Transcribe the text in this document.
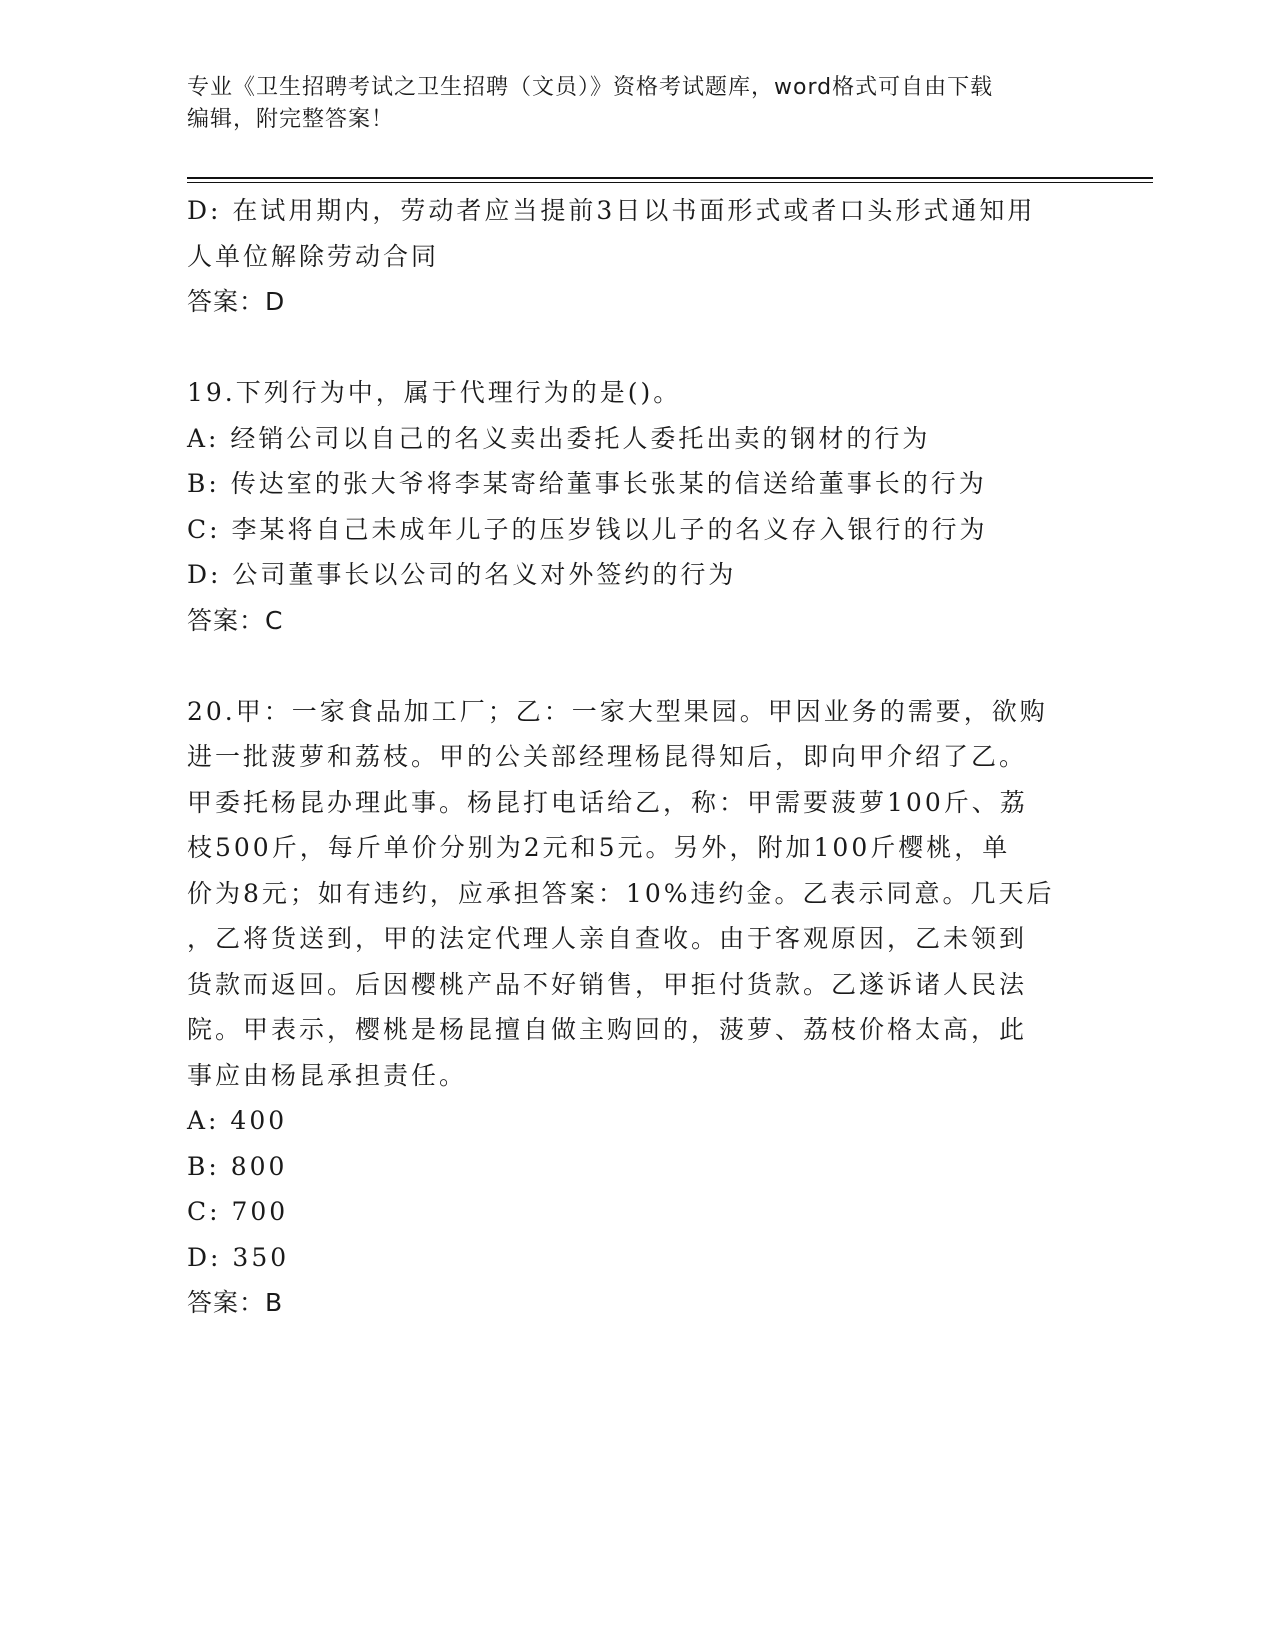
专业《卫生招聘考试之卫生招聘（文员）》资格考试题库，word格式可自由下载
编辑，附完整答案！
D: 在试用期内，劳动者应当提前3日以书面形式或者口头形式通知用
人单位解除劳动合同
答案：D
19.下列行为中，属于代理行为的是()。
A: 经销公司以自己的名义卖出委托人委托出卖的钢材的行为
B: 传达室的张大爷将李某寄给董事长张某的信送给董事长的行为
C: 李某将自己未成年儿子的压岁钱以儿子的名义存入银行的行为
D: 公司董事长以公司的名义对外签约的行为
答案：C
20.甲：一家食品加工厂；乙：一家大型果园。甲因业务的需要，欲购
进一批菠萝和荔枝。甲的公关部经理杨昆得知后，即向甲介绍了乙。
甲委托杨昆办理此事。杨昆打电话给乙，称：甲需要菠萝100斤、荔
枝500斤，每斤单价分别为2元和5元。另外，附加100斤樱桃，单
价为8元；如有违约，应承担答案：10%违约金。乙表示同意。几天后
，乙将货送到，甲的法定代理人亲自查收。由于客观原因，乙未领到
货款而返回。后因樱桃产品不好销售，甲拒付货款。乙遂诉诸人民法
院。甲表示，樱桃是杨昆擅自做主购回的，菠萝、荔枝价格太高，此
事应由杨昆承担责任。
A: 400
B: 800
C: 700
D: 350
答案：B
